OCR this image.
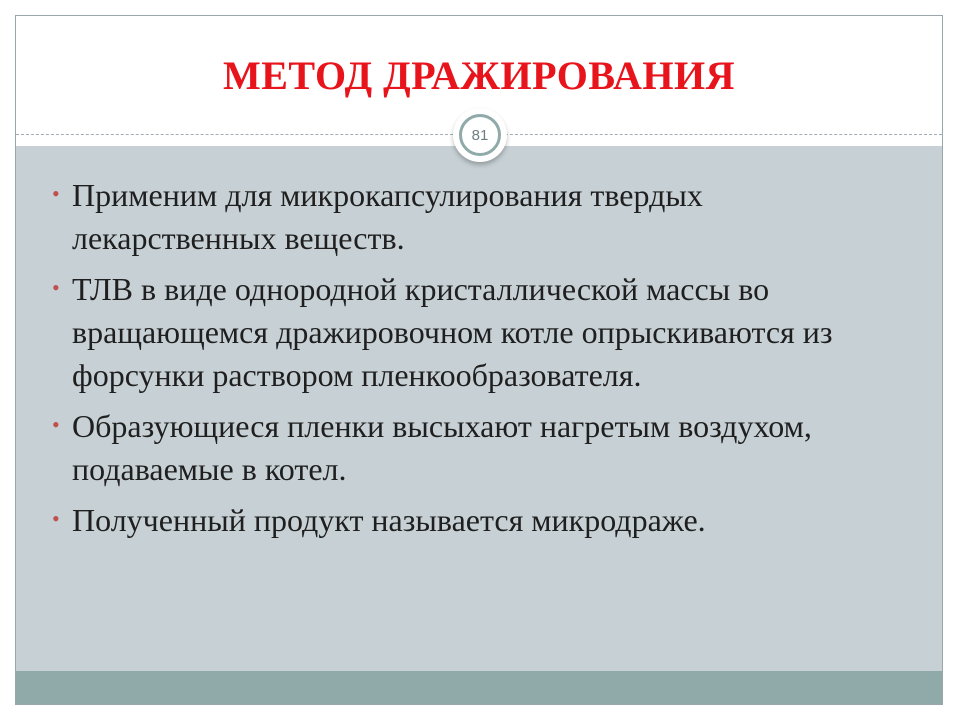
МЕТОД ДРАЖИРОВАНИЯ
81
• Применим для микрокапсулирования твердых лекарственных веществ.
• ТЛВ в виде однородной кристаллической массы во вращающемся дражировочном котле опрыскиваются из форсунки раствором пленкообразователя.
• Образующиеся пленки высыхают нагретым воздухом, подаваемые в котел.
• Полученный продукт называется микродраже.
